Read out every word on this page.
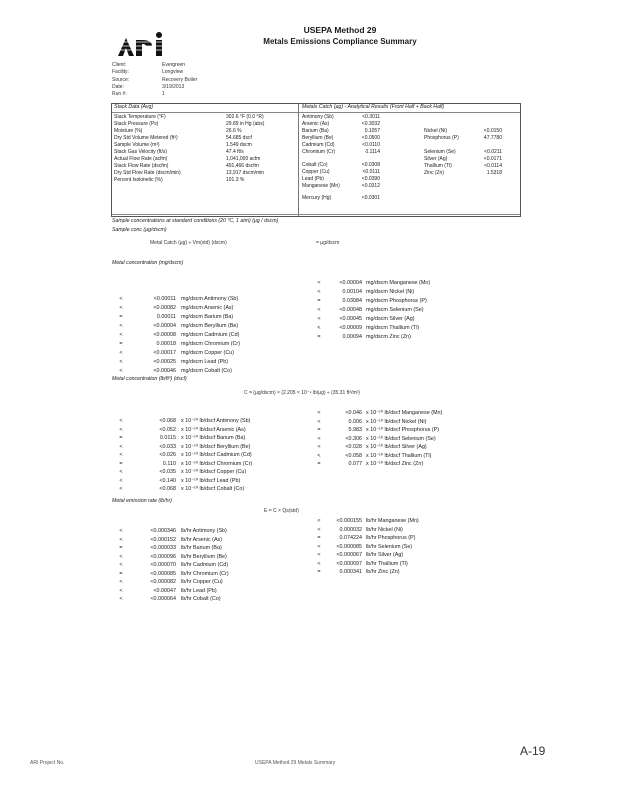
USEPA Method 29
Metals Emissions Compliance Summary
Client:	Evergreen
Facility:	Longview
Source:	Recovery Boiler
Date:	3/19/2013
Run #:	1
Stack Data (Avg)	Metals Catch (µg) - Analytical Results (Front Half + Back Half)
Stack Temperature (°F)	302.6 °F (0.0 °R)
Stack Pressure (Ps)	29.89 in Hg (abs)
Moisture (%)	26.6 %
Dry Std Volume Metered (ft³)	54.685 dscf
Sample Volume (m³)	1.549 dscm
Stack Gas Velocity (ft/s)	47.4 ft/s
Actual Flow Rate (acfm)	1,041,000 acfm
Stack Flow Rate (dscfm)	491,466 dscfm
Dry Std Flow Rate (dscm/min)	13,917 dscm/min
Percent Isokinetic (%)	101.3 %
Antimony (Sb)	<0.3011
Arsenic (As)	<0.3032
Barium (Ba)	0.1057
Beryllium (Be)	<0.0500
Cadmium (Cd)	<0.0110
Chromium (Cr)	0.1114
Cobalt (Co)	<0.0308
Copper (Cu)	<0.0111
Lead (Pb)	<0.0390
Manganese (Mn)	<0.0312
Mercury (Hg)	<0.0301
Nickel (Ni)	<0.0150
Phosphorus (P)	47.7780
Selenium (Se)	<0.0211
Silver (Ag)	<0.0171
Thallium (Tl)	<0.0114
Zinc (Zn)	1.5318
Sample concentrations at standard conditions (20 °C, 1 atm) (µg / dscm)
Sample conc (µg/dscm)
Metal Catch (µg) ÷ Vm(std) (dscm)	= µg/dscm
Metal concentration (mg/dscm)
<	<0.00011 mg/dscm Antimony (Sb)
<	<0.00082 mg/dscm Arsenic (As)
=	0.00011 mg/dscm Barium (Ba)
<	<0.00004 mg/dscm Beryllium (Be)
<	<0.00008 mg/dscm Cadmium (Cd)
=	0.00018 mg/dscm Chromium (Cr)
<	<0.00017 mg/dscm Copper (Cu)
<	<0.00025 mg/dscm Lead (Pb)
<	<0.00046 mg/dscm Cobalt (Co)
<	<0.00004 mg/dscm Manganese (Mn)
<	0.00104 mg/dscm Nickel (Ni)
=	0.03084 mg/dscm Phosphorus (P)
<	<0.00048 mg/dscm Selenium (Se)
<	<0.00045 mg/dscm Silver (Ag)
<	<0.00009 mg/dscm Thallium (Tl)
=	0.00094 mg/dscm Zinc (Zn)
Metal concentration (lb/ft³) (dscf)
C = (µg/dscm) × (2.205 × 10⁻⁹ lb/µg) ÷ (35.31 ft³/m³)
<	<0.068 x 10⁻¹⁰ lb/dscf Antimony (Sb)
<	<0.052 x 10⁻¹⁰ lb/dscf Arsenic (As)
=	0.0115 x 10⁻¹⁰ lb/dscf Barium (Ba)
<	<0.033 x 10⁻¹⁰ lb/dscf Beryllium (Be)
<	<0.026 x 10⁻¹⁰ lb/dscf Cadmium (Cd)
=	0.110 x 10⁻¹⁰ lb/dscf Chromium (Cr)
<	<0.035 x 10⁻¹⁰ lb/dscf Copper (Cu)
<	<0.140 x 10⁻¹⁰ lb/dscf Lead (Pb)
<	<0.068 x 10⁻¹⁰ lb/dscf Cobalt (Co)
<	<0.046 x 10⁻¹⁰ lb/dscf Manganese (Mn)
<	0.006 x 10⁻¹⁰ lb/dscf Nickel (Ni)
=	5.983 x 10⁻¹⁰ lb/dscf Phosphorus (P)
<	<0.306 x 10⁻¹⁰ lb/dscf Selenium (Se)
<	<0.028 x 10⁻¹⁰ lb/dscf Silver (Ag)
<	<0.058 x 10⁻¹⁰ lb/dscf Thallium (Tl)
=	0.077 x 10⁻¹⁰ lb/dscf Zinc (Zn)
Metal emission rate (lb/hr)
E = C × Qs(std)
<	<0.000346 lb/hr Antimony (Sb)
<	<0.000152 lb/hr Arsenic (As)
=	<0.000033 lb/hr Barium (Ba)
<	<0.000096 lb/hr Beryllium (Be)
<	<0.000070 lb/hr Cadmium (Cd)
=	<0.000085 lb/hr Chromium (Cr)
<	<0.000082 lb/hr Copper (Cu)
<	<0.00047 lb/hr Lead (Pb)
<	<0.000064 lb/hr Cobalt (Co)
<	<0.000155 lb/hr Manganese (Mn)
<	0.000032 lb/hr Nickel (Ni)
=	0.074224 lb/hr Phosphorus (P)
<	<0.000085 lb/hr Selenium (Se)
<	<0.000067 lb/hr Silver (Ag)
<	<0.000097 lb/hr Thallium (Tl)
=	0.000341 lb/hr Zinc (Zn)
A-19
ARI Project No.	USEPA Method 29 Metals Summary
